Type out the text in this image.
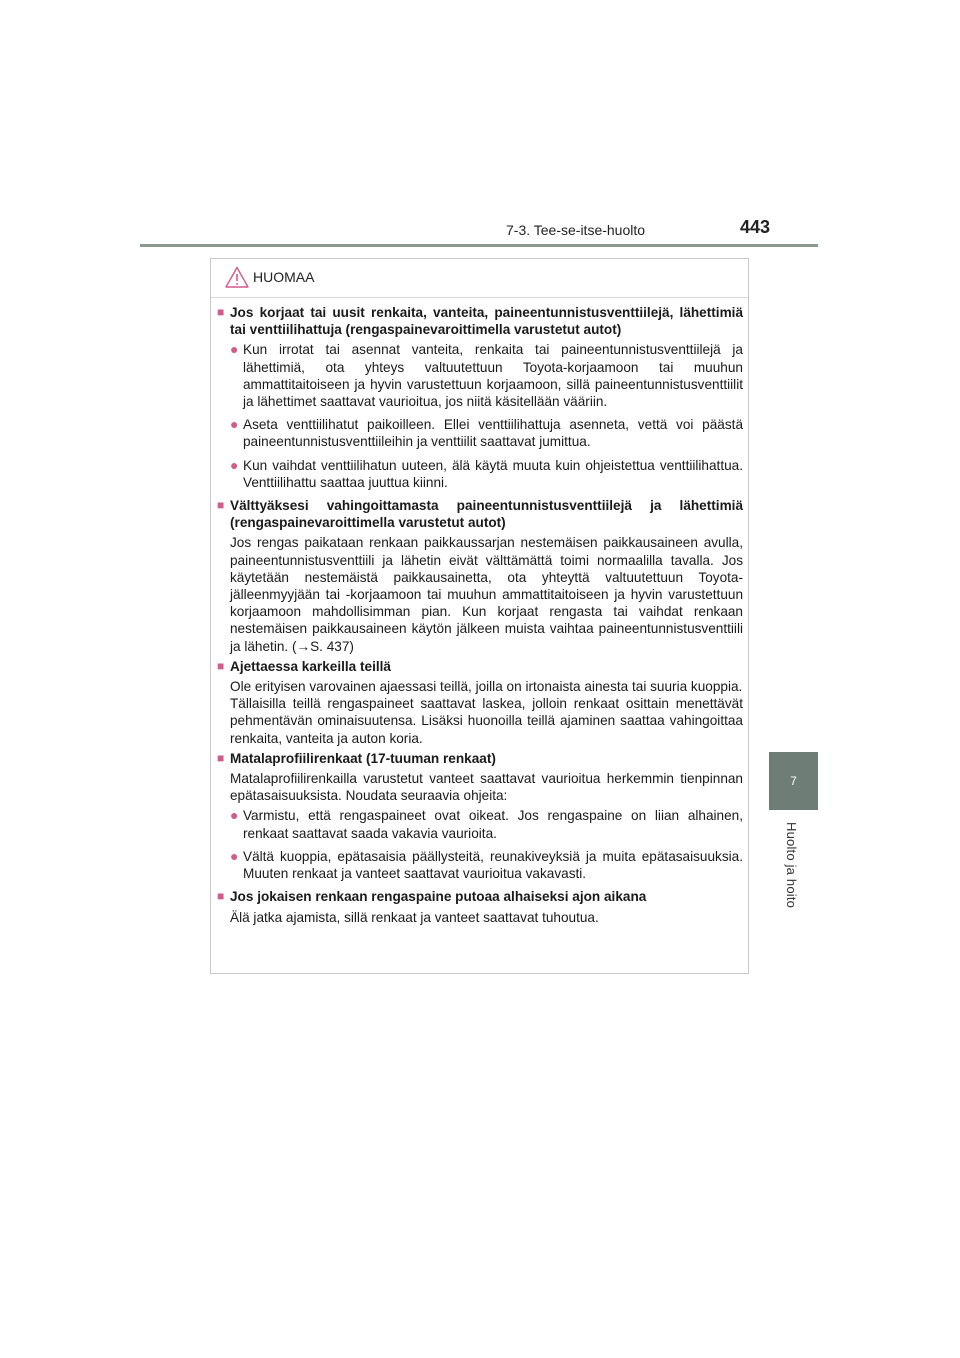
7-3. Tee-se-itse-huolto	443
7
Huolto ja hoito
HUOMAA
■ Jos korjaat tai uusit renkaita, vanteita, paineentunnistusventtiilejä, lähettimiä tai venttiilihattuja (rengaspainevaroittimella varustetut autot)
● Kun irrotat tai asennat vanteita, renkaita tai paineentunnistusventtiilejä ja lähettimiä, ota yhteys valtuutettuun Toyota-korjaamoon tai muuhun ammattitaitoiseen ja hyvin varustettuun korjaamoon, sillä paineentunnistusventtiilit ja lähettimet saattavat vaurioitua, jos niitä käsitellään vääriin.
● Aseta venttiilihatut paikoilleen. Ellei venttiilihattuja asenneta, vettä voi päästä paineentunnistusventtiileihin ja venttiilit saattavat jumittua.
● Kun vaihdat venttiilihatun uuteen, älä käytä muuta kuin ohjeistettua venttiilihattua. Venttiilihattu saattaa juuttua kiinni.
■ Välttyäksesi vahingoittamasta paineentunnistusventtiilejä ja lähettimiä (rengaspainevaroittimella varustetut autot)
Jos rengas paikataan renkaan paikkaussarjan nestemäisen paikkausaineen avulla, paineentunnistusventtiili ja lähetin eivät välttämättä toimi normaalilla tavalla. Jos käytetään nestemäistä paikkausainetta, ota yhteyttä valtuutettuun Toyota-jälleenmyyjään tai -korjaamoon tai muuhun ammattitaitoiseen ja hyvin varustettuun korjaamoon mahdollisimman pian. Kun korjaat rengasta tai vaihdat renkaan nestemäisen paikkausaineen käytön jälkeen muista vaihtaa paineentunnistusventtiili ja lähetin. (→S. 437)
■ Ajettaessa karkeilla teillä
Ole erityisen varovainen ajaessasi teillä, joilla on irtonaista ainesta tai suuria kuoppia.
Tällaisilla teillä rengaspaineet saattavat laskea, jolloin renkaat osittain menettävät pehmentävän ominaisuutensa. Lisäksi huonoilla teillä ajaminen saattaa vahingoittaa renkaita, vanteita ja auton koria.
■ Matalaprofiilirenkaat (17-tuuman renkaat)
Matalaprofiilirenkailla varustetut vanteet saattavat vaurioitua herkemmin tienpinnan epätasaisuuksista. Noudata seuraavia ohjeita:
● Varmistu, että rengaspaineet ovat oikeat. Jos rengaspaine on liian alhainen, renkaat saattavat saada vakavia vaurioita.
● Vältä kuoppia, epätasaisia päällysteitä, reunakiveyksiä ja muita epätasaisuuksia. Muuten renkaat ja vanteet saattavat vaurioitua vakavasti.
■ Jos jokaisen renkaan rengaspaine putoaa alhaiseksi ajon aikana
Älä jatka ajamista, sillä renkaat ja vanteet saattavat tuhoutua.
